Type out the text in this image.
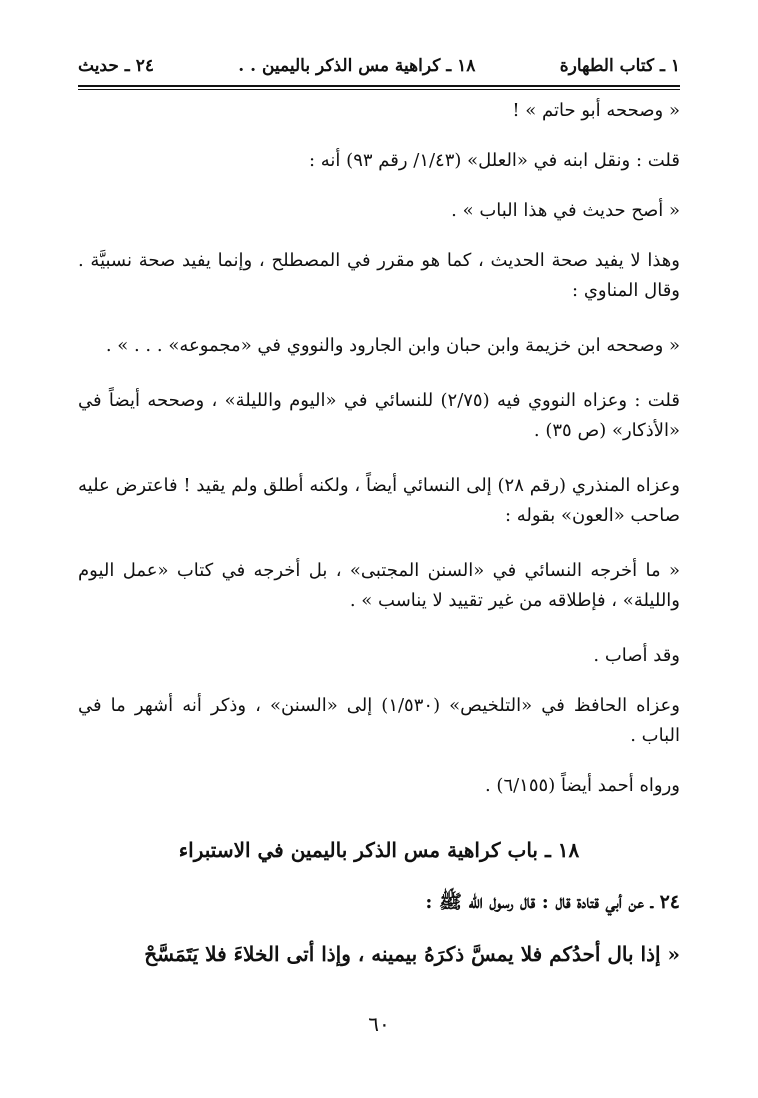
١ ـ كتاب الطهارة
١٨ ـ كراهية مس الذكر باليمين . .
٢٤ ـ حديث

« وصححه أبو حاتم » !

قلت : ونقل ابنه في «العلل» (١/٤٣/ رقم ٩٣) أنه :

« أصح حديث في هذا الباب » .

وهذا لا يفيد صحة الحديث ، كما هو مقرر في المصطلح ، وإنما يفيد صحة نسبيَّة . وقال المناوي :

« وصححه ابن خزيمة وابن حبان وابن الجارود والنووي في «مجموعه» . . . » .

قلت : وعزاه النووي فيه (٢/٧٥) للنسائي في «اليوم والليلة» ، وصححه أيضاً في «الأذكار» (ص ٣٥) .

وعزاه المنذري (رقم ٢٨) إلى النسائي أيضاً ، ولكنه أطلق ولم يقيد ! فاعترض عليه صاحب «العون» بقوله :

« ما أخرجه النسائي في «السنن المجتبى» ، بل أخرجه في كتاب «عمل اليوم والليلة» ، فإطلاقه من غير تقييد لا يناسب » .

وقد أصاب .

وعزاه الحافظ في «التلخيص» (١/٥٣٠) إلى «السنن» ، وذكر أنه أشهر ما في الباب .

ورواه أحمد أيضاً (٦/١٥٥) .

١٨ ـ باب كراهية مس الذكر باليمين في الاستبراء

٢٤ ـ عن أبي قتادة قال : قال رسول الله ﷺ :

« إذا بال أحدُكم فلا يمسَّ ذكرَهُ بيمينه ، وإذا أتى الخلاءَ فلا يَتَمَسَّحْ

٦٠
